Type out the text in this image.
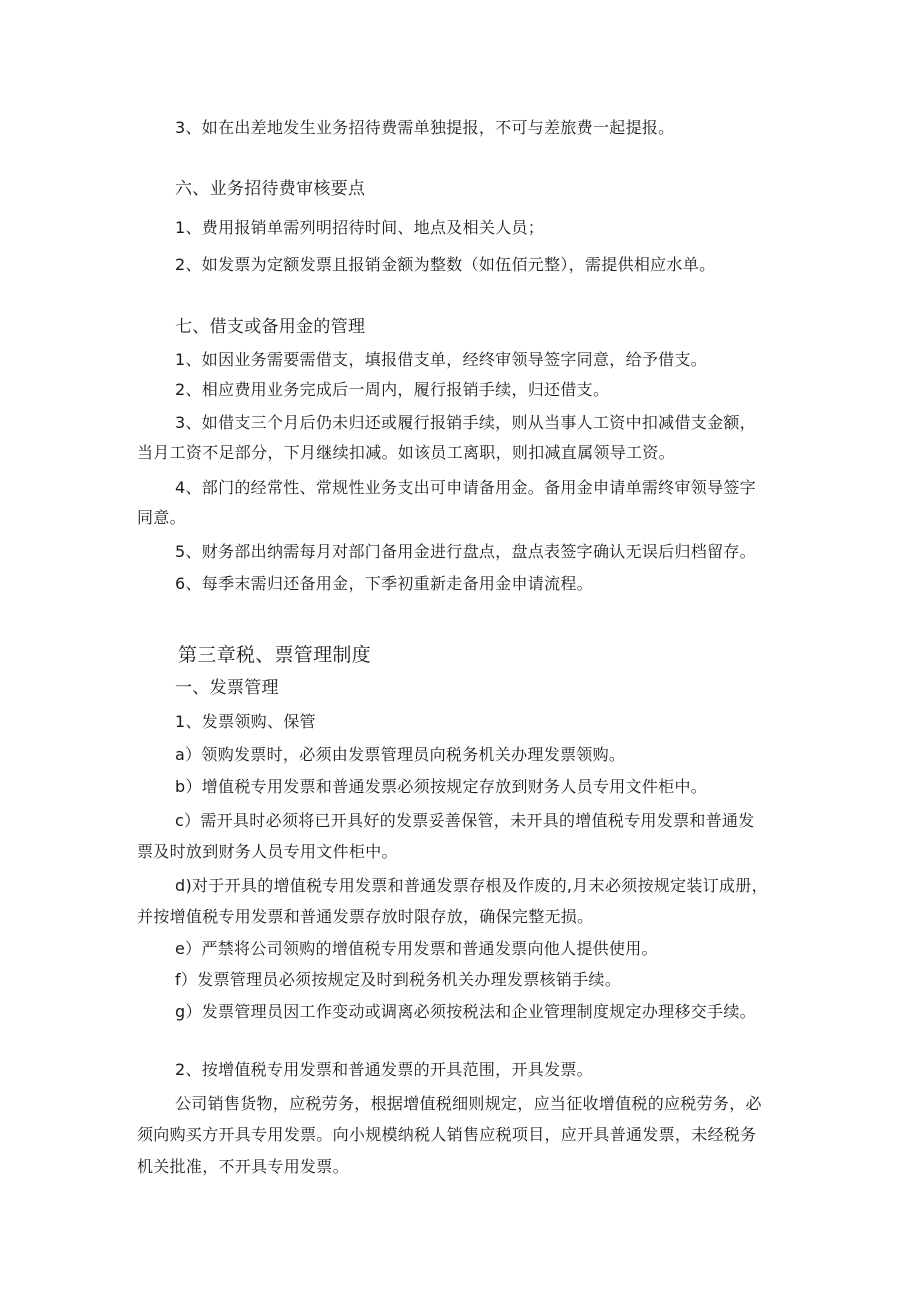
3、如在出差地发生业务招待费需单独提报，不可与差旅费一起提报。
六、业务招待费审核要点
1、费用报销单需列明招待时间、地点及相关人员；
2、如发票为定额发票且报销金额为整数（如伍佰元整），需提供相应水单。
七、借支或备用金的管理
1、如因业务需要需借支，填报借支单，经终审领导签字同意，给予借支。
2、相应费用业务完成后一周内，履行报销手续，归还借支。
3、如借支三个月后仍未归还或履行报销手续，则从当事人工资中扣减借支金额，
当月工资不足部分，下月继续扣减。如该员工离职，则扣减直属领导工资。
4、部门的经常性、常规性业务支出可申请备用金。备用金申请单需终审领导签字
同意。
5、财务部出纳需每月对部门备用金进行盘点，盘点表签字确认无误后归档留存。
6、每季末需归还备用金，下季初重新走备用金申请流程。
第三章税、票管理制度
一、发票管理
1、发票领购、保管
a）领购发票时，必须由发票管理员向税务机关办理发票领购。
b）增值税专用发票和普通发票必须按规定存放到财务人员专用文件柜中。
c）需开具时必须将已开具好的发票妥善保管，未开具的增值税专用发票和普通发
票及时放到财务人员专用文件柜中。
d)对于开具的增值税专用发票和普通发票存根及作废的,月末必须按规定装订成册，
并按增值税专用发票和普通发票存放时限存放，确保完整无损。
e）严禁将公司领购的增值税专用发票和普通发票向他人提供使用。
f）发票管理员必须按规定及时到税务机关办理发票核销手续。
g）发票管理员因工作变动或调离必须按税法和企业管理制度规定办理移交手续。
2、按增值税专用发票和普通发票的开具范围，开具发票。
公司销售货物，应税劳务，根据增值税细则规定，应当征收增值税的应税劳务，必
须向购买方开具专用发票。向小规模纳税人销售应税项目，应开具普通发票，未经税务
机关批准，不开具专用发票。
